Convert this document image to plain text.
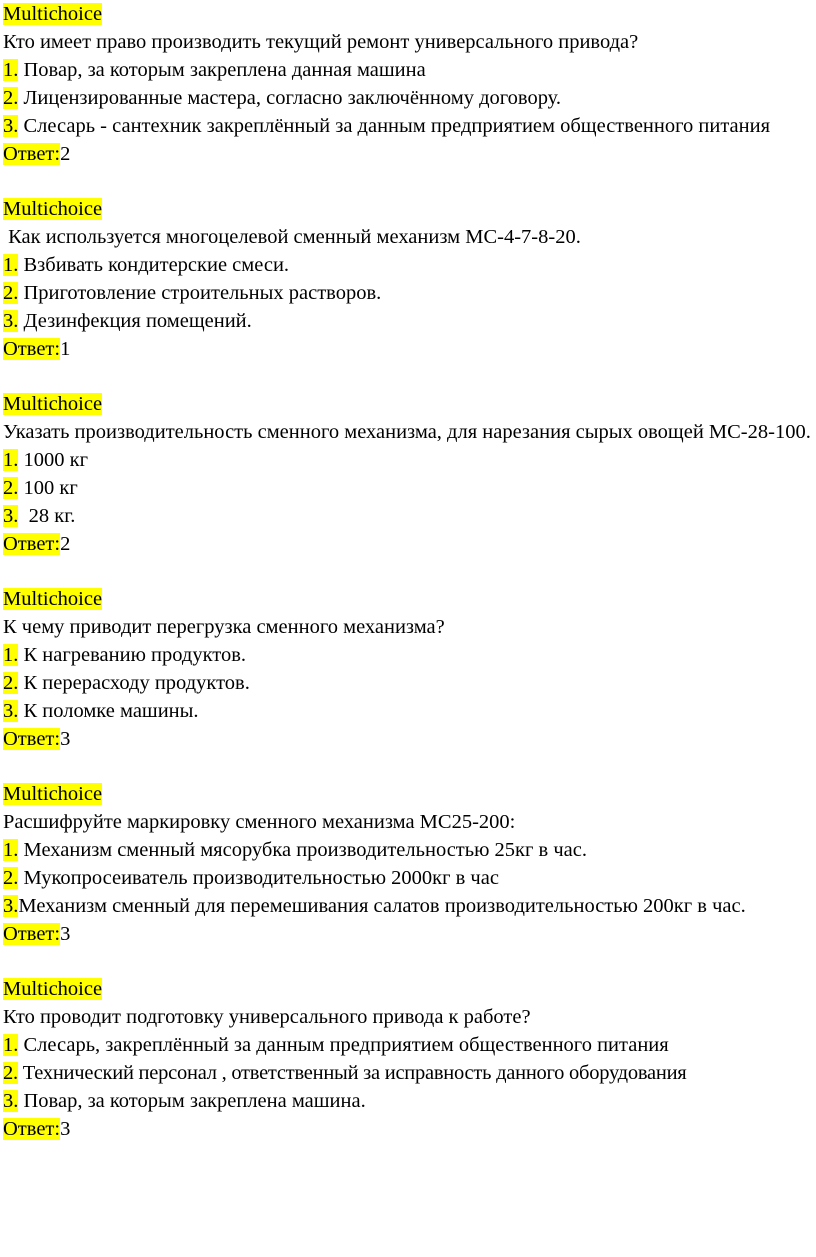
Multichoice
Кто имеет право производить текущий ремонт универсального привода?
1. Повар, за которым закреплена данная машина
2. Лицензированные мастера, согласно заключённому договору.
3. Слесарь - сантехник закреплённый за данным предприятием общественного питания
Ответ:2
Multichoice
Как используется многоцелевой сменный механизм МС-4-7-8-20.
1. Взбивать кондитерские смеси.
2. Приготовление строительных растворов.
3. Дезинфекция помещений.
Ответ:1
Multichoice
Указать производительность сменного механизма, для нарезания сырых овощей МС-28-100.
1. 1000 кг
2. 100 кг
3.  28 кг.
Ответ:2
Multichoice
К чему приводит перегрузка сменного механизма?
1. К нагреванию продуктов.
2. К перерасходу продуктов.
3. К поломке машины.
Ответ:3
Multichoice
Расшифруйте маркировку сменного механизма МС25-200:
1. Механизм сменный мясорубка производительностью 25кг в час.
2. Мукопросеиватель производительностью 2000кг в час
3.Механизм сменный для перемешивания салатов производительностью 200кг в час.
Ответ:3
Multichoice
Кто проводит подготовку универсального привода к работе?
1. Слесарь, закреплённый за данным предприятием общественного питания
2. Технический персонал , ответственный за исправность данного оборудования
3. Повар, за которым закреплена машина.
Ответ:3
